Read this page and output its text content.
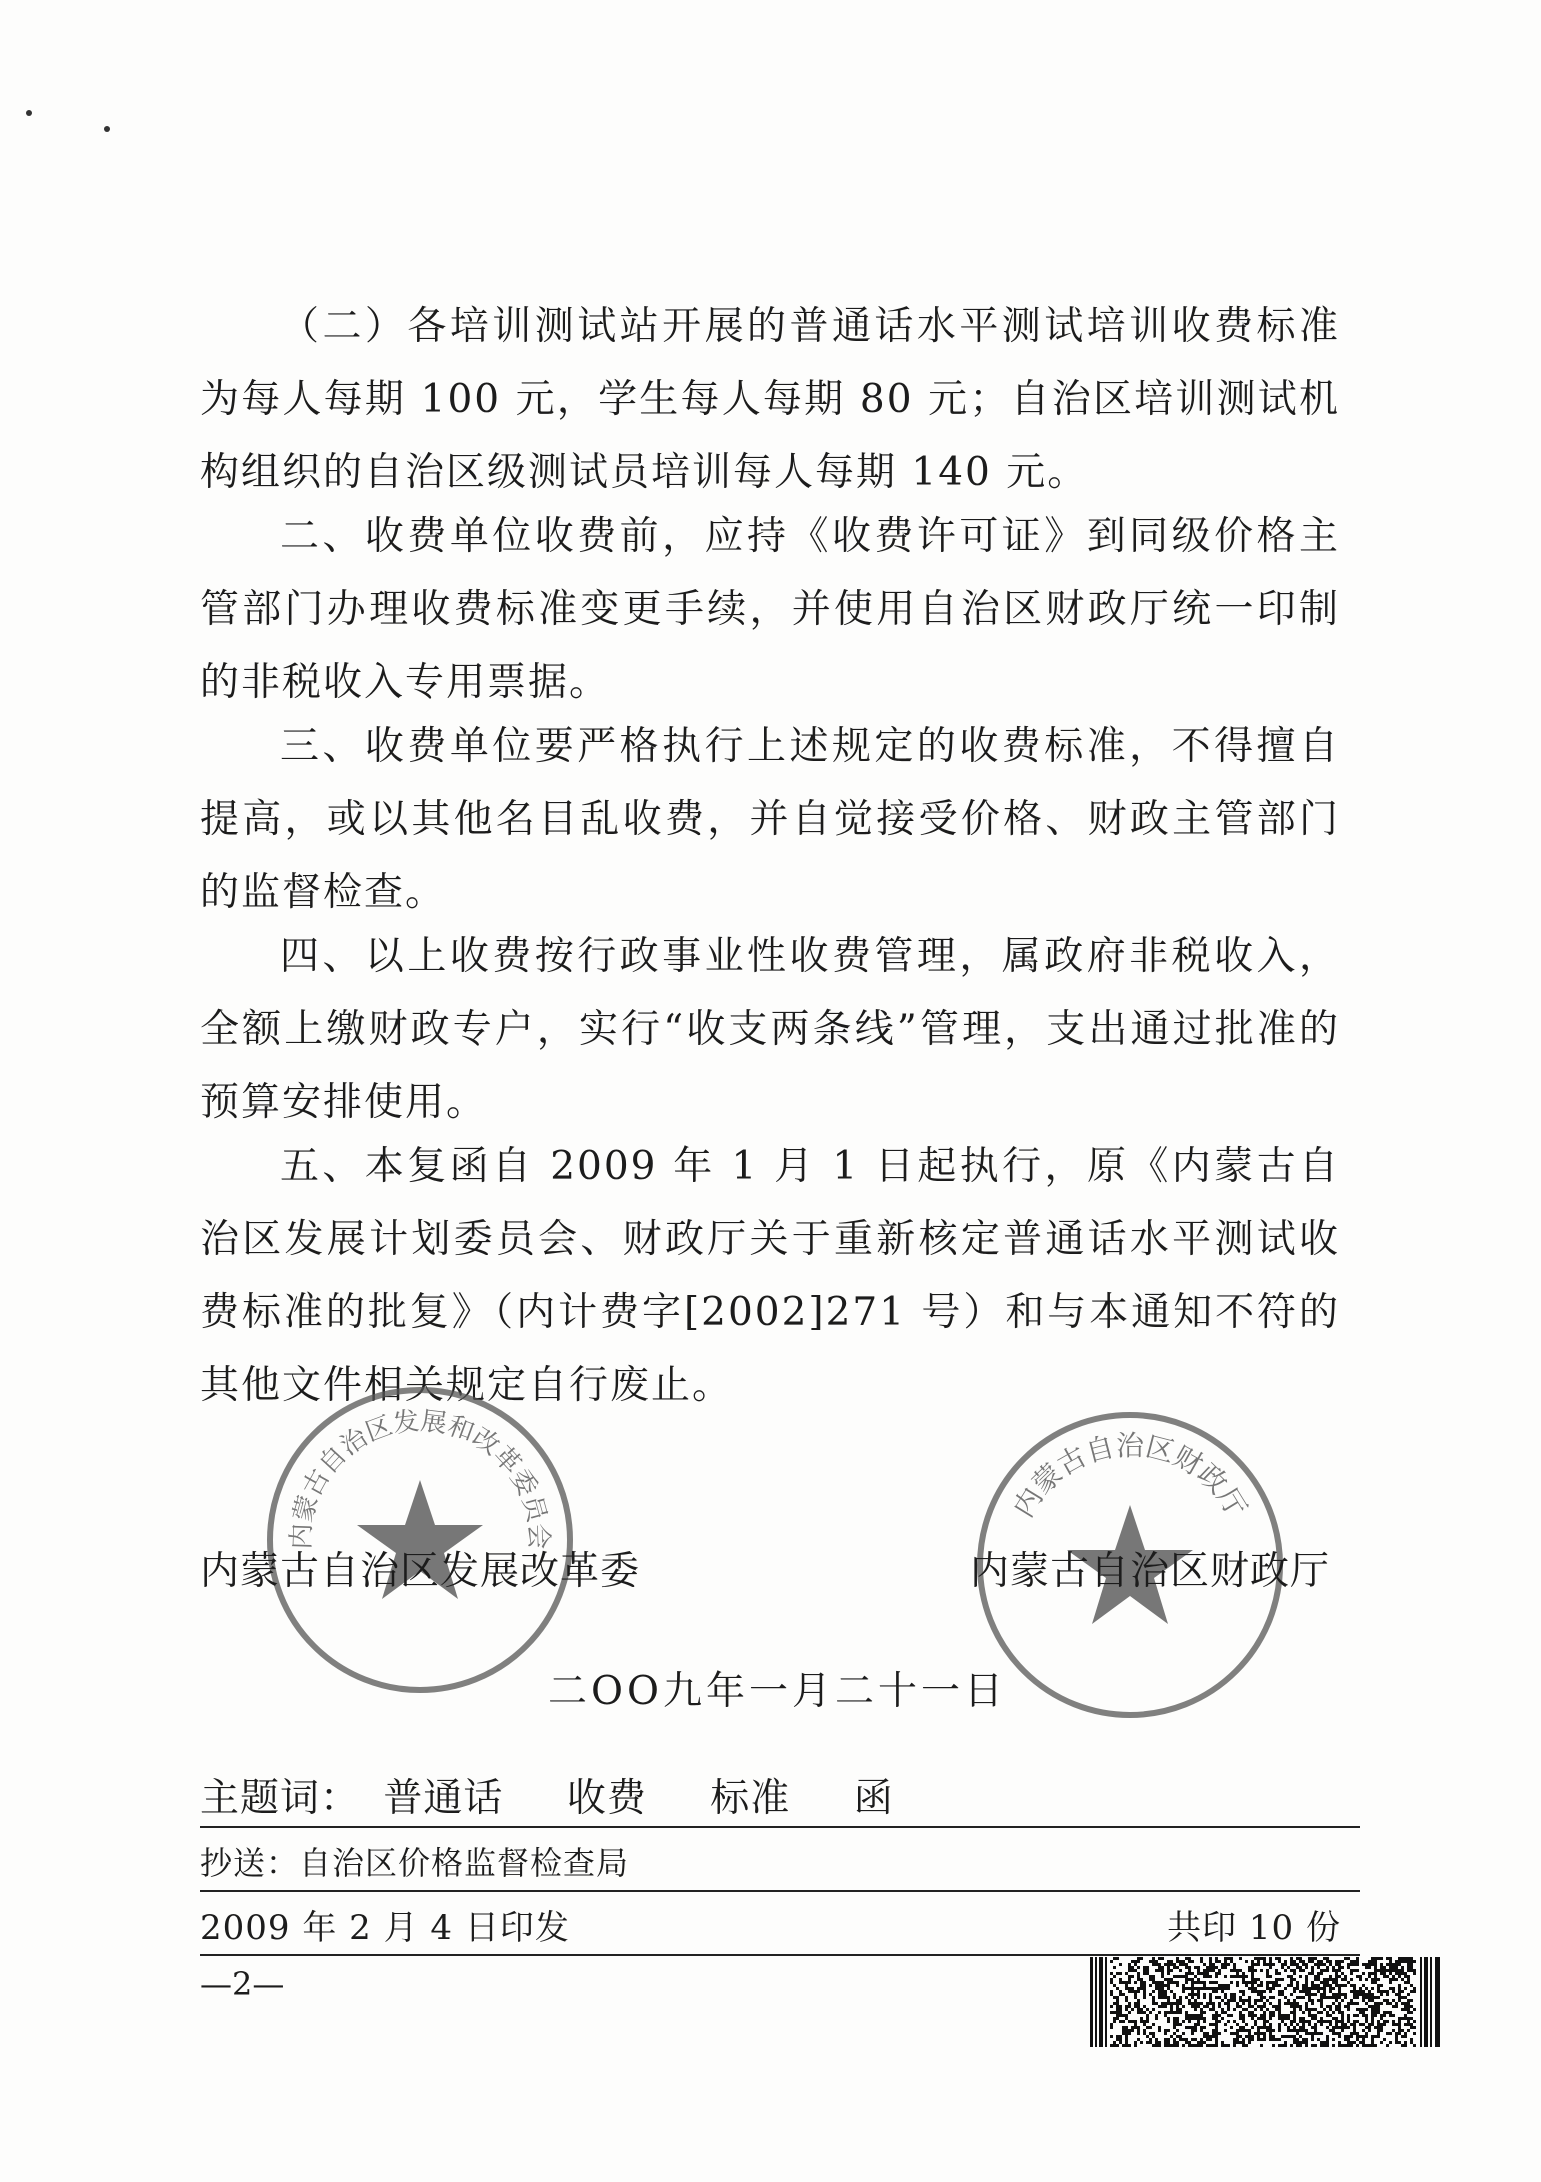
（二）各培训测试站开展的普通话水平测试培训收费标准为每人每期 100 元，学生每人每期 80 元；自治区培训测试机构组织的自治区级测试员培训每人每期 140 元。

二、收费单位收费前，应持《收费许可证》到同级价格主管部门办理收费标准变更手续，并使用自治区财政厅统一印制的非税收入专用票据。

三、收费单位要严格执行上述规定的收费标准，不得擅自提高，或以其他名目乱收费，并自觉接受价格、财政主管部门的监督检查。

四、以上收费按行政事业性收费管理，属政府非税收入，全额上缴财政专户，实行“收支两条线”管理，支出通过批准的预算安排使用。

五、本复函自 2009 年 1 月 1 日起执行，原《内蒙古自治区发展计划委员会、财政厅关于重新核定普通话水平测试收费标准的批复》（内计费字[2002]271 号）和与本通知不符的其他文件相关规定自行废止。

内蒙古自治区发展和改革委员会
内蒙古自治区财政厅
内蒙古自治区发展改革委	内蒙古自治区财政厅
二OO九年一月二十一日
主题词： 普通话 收费 标准 函
抄送：自治区价格监督检查局
2009 年 2 月 4 日印发	共印 10 份
—2—
